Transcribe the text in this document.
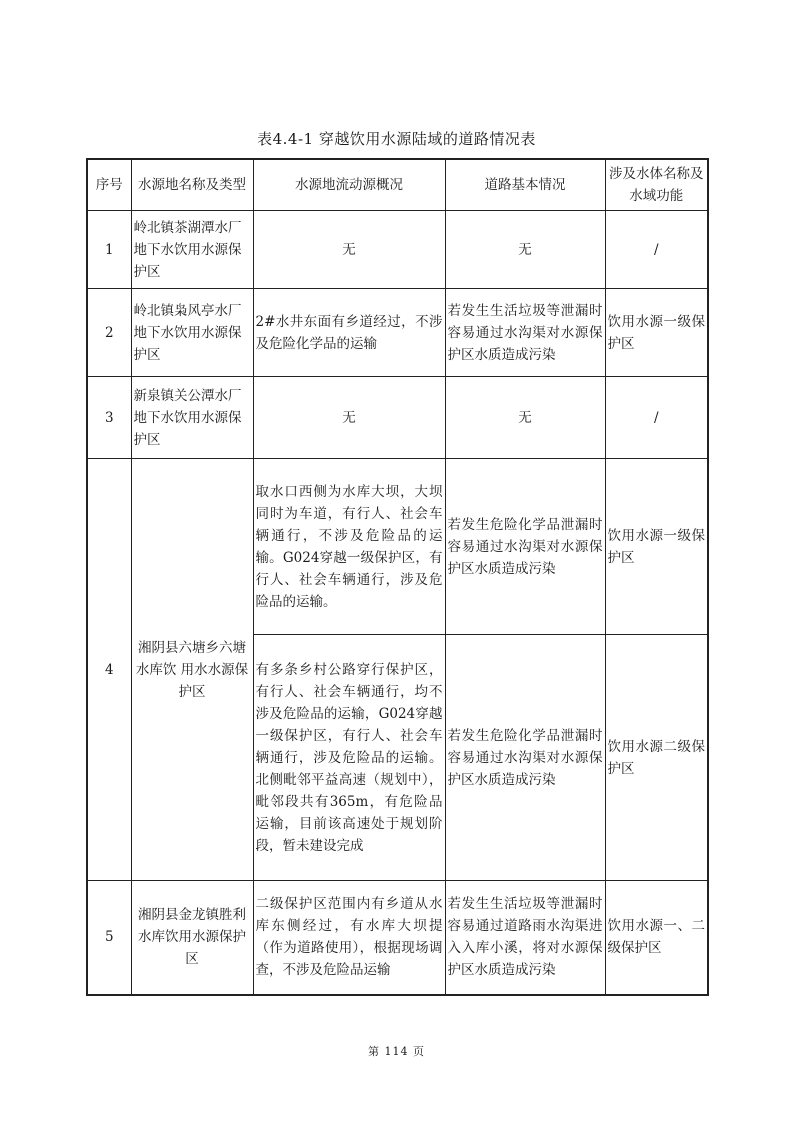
表4.4-1 穿越饮用水源陆域的道路情况表
序号	水源地名称及类型	水源地流动源概况	道路基本情况	涉及水体名称及水域功能
1	岭北镇茶湖潭水厂地下水饮用水源保护区	无	无	/
2	岭北镇枭风亭水厂地下水饮用水源保护区	2#水井东面有乡道经过，不涉及危险化学品的运输	若发生生活垃圾等泄漏时容易通过水沟渠对水源保护区水质造成污染	饮用水源一级保护区
3	新泉镇关公潭水厂地下水饮用水源保护区	无	无	/
4	湘阴县六塘乡六塘水库饮 用水水源保护区	取水口西侧为水库大坝，大坝同时为车道，有行人、社会车辆通行，不涉及危险品的运输。G024穿越一级保护区，有行人、社会车辆通行，涉及危险品的运输。	若发生危险化学品泄漏时容易通过水沟渠对水源保护区水质造成污染	饮用水源一级保护区
		有多条乡村公路穿行保护区，有行人、社会车辆通行，均不涉及危险品的运输，G024穿越一级保护区，有行人、社会车辆通行，涉及危险品的运输。北侧毗邻平益高速（规划中），毗邻段共有365m，有危险品运输，目前该高速处于规划阶段，暂未建设完成	若发生危险化学品泄漏时容易通过水沟渠对水源保护区水质造成污染	饮用水源二级保护区
5	湘阴县金龙镇胜利水库饮用水源保护区	二级保护区范围内有乡道从水库东侧经过，有水库大坝提（作为道路使用），根据现场调查，不涉及危险品运输	若发生生活垃圾等泄漏时容易通过道路雨水沟渠进入入库小溪，将对水源保护区水质造成污染	饮用水源一、二级保护区
第 114 页
